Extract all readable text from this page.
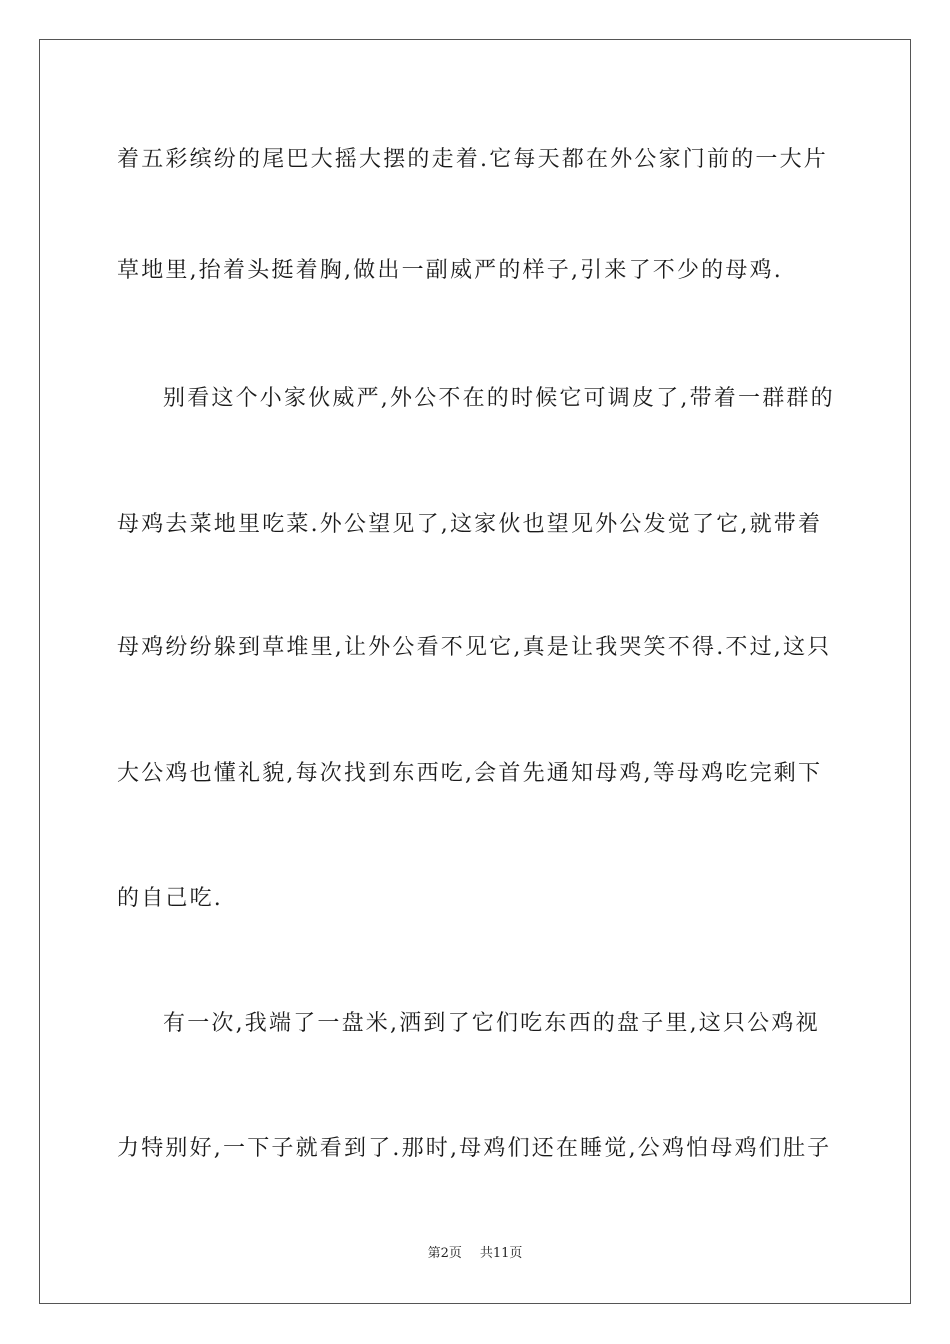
着五彩缤纷的尾巴大摇大摆的走着.它每天都在外公家门前的一大片
草地里,抬着头挺着胸,做出一副威严的样子,引来了不少的母鸡.
别看这个小家伙威严,外公不在的时候它可调皮了,带着一群群的
母鸡去菜地里吃菜.外公望见了,这家伙也望见外公发觉了它,就带着
母鸡纷纷躲到草堆里,让外公看不见它,真是让我哭笑不得.不过,这只
大公鸡也懂礼貌,每次找到东西吃,会首先通知母鸡,等母鸡吃完剩下
的自己吃.
有一次,我端了一盘米,洒到了它们吃东西的盘子里,这只公鸡视
力特别好,一下子就看到了.那时,母鸡们还在睡觉,公鸡怕母鸡们肚子
第2页 共11页
